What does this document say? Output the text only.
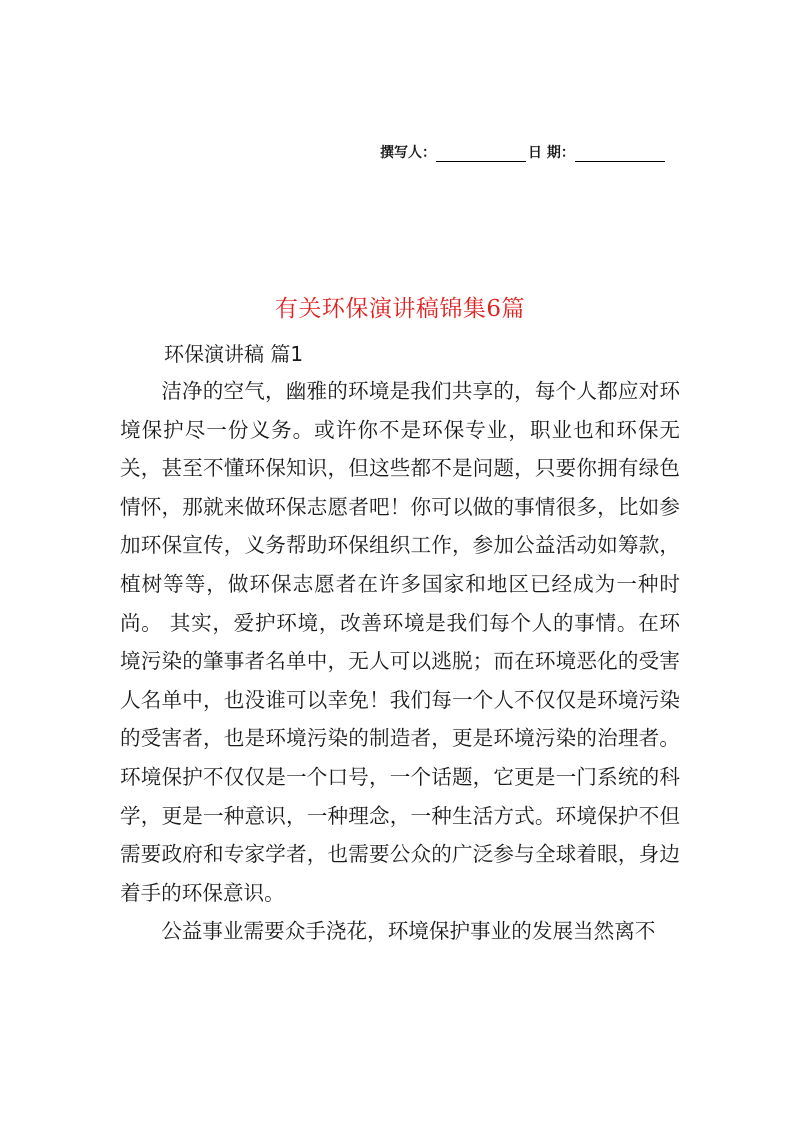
撰写人：	日 期：
有关环保演讲稿锦集6篇
环保演讲稿 篇1

洁净的空气，幽雅的环境是我们共享的，每个人都应对环境保护尽一份义务。或许你不是环保专业，职业也和环保无关，甚至不懂环保知识，但这些都不是问题，只要你拥有绿色情怀，那就来做环保志愿者吧！你可以做的事情很多，比如参加环保宣传，义务帮助环保组织工作，参加公益活动如筹款，植树等等，做环保志愿者在许多国家和地区已经成为一种时尚。 其实，爱护环境，改善环境是我们每个人的事情。在环境污染的肇事者名单中，无人可以逃脱；而在环境恶化的受害人名单中，也没谁可以幸免！我们每一个人不仅仅是环境污染的受害者，也是环境污染的制造者，更是环境污染的治理者。环境保护不仅仅是一个口号，一个话题，它更是一门系统的科学，更是一种意识，一种理念，一种生活方式。环境保护不但需要政府和专家学者，也需要公众的广泛参与全球着眼，身边着手的环保意识。

公益事业需要众手浇花，环境保护事业的发展当然离不
